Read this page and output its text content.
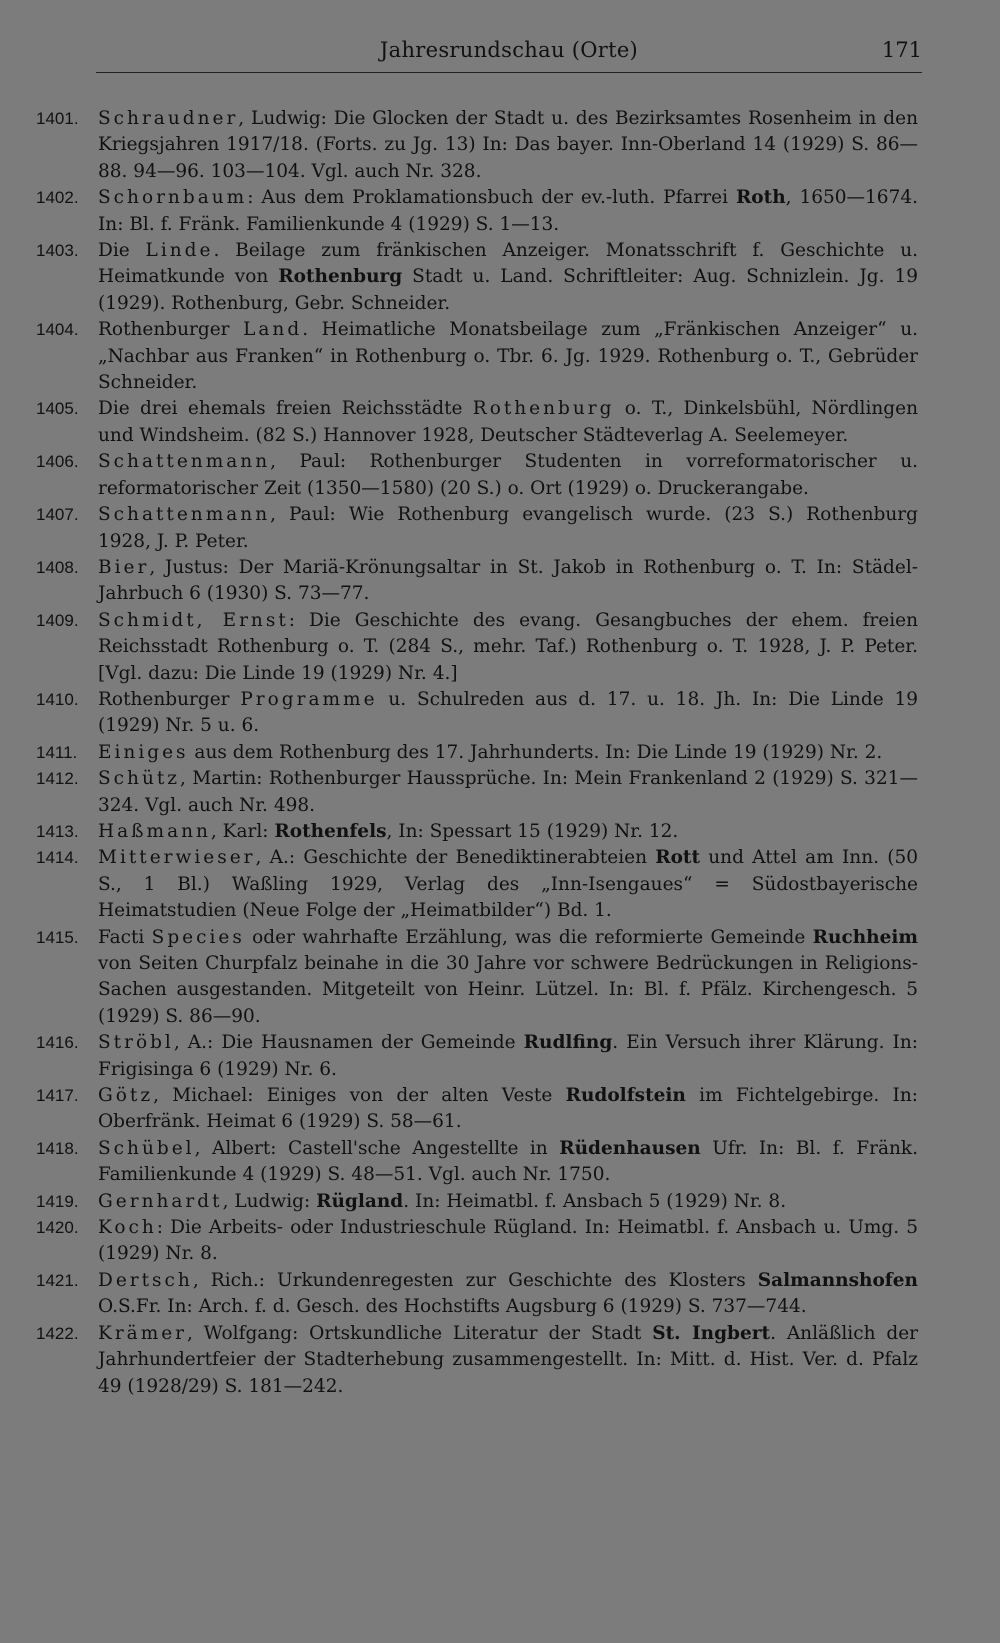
Jahresrundschau (Orte)	171

1401.	Schraudner, Ludwig: Die Glocken der Stadt u. des Bezirksamtes Rosenheim in den Kriegsjahren 1917/18. (Forts. zu Jg. 13) In: Das bayer. Inn-Oberland 14 (1929) S. 86—88. 94—96. 103—104. Vgl. auch Nr. 328.

1402.	Schornbaum: Aus dem Proklamationsbuch der ev.-luth. Pfarrei Roth, 1650—1674. In: Bl. f. Fränk. Familienkunde 4 (1929) S. 1—13.

1403.	Die Linde. Beilage zum fränkischen Anzeiger. Monatsschrift f. Geschichte u. Heimatkunde von Rothenburg Stadt u. Land. Schriftleiter: Aug. Schnizlein. Jg. 19 (1929). Rothenburg, Gebr. Schneider.

1404.	Rothenburger Land. Heimatliche Monatsbeilage zum „Fränkischen Anzeiger“ u. „Nachbar aus Franken“ in Rothenburg o. Tbr. 6. Jg. 1929. Rothenburg o. T., Gebrüder Schneider.

1405.	Die drei ehemals freien Reichsstädte Rothenburg o. T., Dinkelsbühl, Nördlingen und Windsheim. (82 S.) Hannover 1928, Deutscher Städteverlag A. Seelemeyer.

1406.	Schattenmann, Paul: Rothenburger Studenten in vorreformatorischer u. reformatorischer Zeit (1350—1580) (20 S.) o. Ort (1929) o. Druckerangabe.

1407.	Schattenmann, Paul: Wie Rothenburg evangelisch wurde. (23 S.) Rothenburg 1928, J. P. Peter.

1408.	Bier, Justus: Der Mariä-Krönungsaltar in St. Jakob in Rothenburg o. T. In: Städel-Jahrbuch 6 (1930) S. 73—77.

1409.	Schmidt, Ernst: Die Geschichte des evang. Gesangbuches der ehem. freien Reichsstadt Rothenburg o. T. (284 S., mehr. Taf.) Rothenburg o. T. 1928, J. P. Peter. [Vgl. dazu: Die Linde 19 (1929) Nr. 4.]

1410.	Rothenburger Programme u. Schulreden aus d. 17. u. 18. Jh. In: Die Linde 19 (1929) Nr. 5 u. 6.

1411.	Einiges aus dem Rothenburg des 17. Jahrhunderts. In: Die Linde 19 (1929) Nr. 2.

1412.	Schütz, Martin: Rothenburger Haussprüche. In: Mein Frankenland 2 (1929) S. 321—324. Vgl. auch Nr. 498.

1413.	Haßmann, Karl: Rothenfels, In: Spessart 15 (1929) Nr. 12.

1414.	Mitterwieser, A.: Geschichte der Benediktinerabteien Rott und Attel am Inn. (50 S., 1 Bl.) Waßling 1929, Verlag des „Inn-Isengaues“ = Südostbayerische Heimatstudien (Neue Folge der „Heimatbilder“) Bd. 1.

1415.	Facti Species oder wahrhafte Erzählung, was die reformierte Gemeinde Ruchheim von Seiten Churpfalz beinahe in die 30 Jahre vor schwere Bedrückungen in Religions-Sachen ausgestanden. Mitgeteilt von Heinr. Lützel. In: Bl. f. Pfälz. Kirchengesch. 5 (1929) S. 86—90.

1416.	Ströbl, A.: Die Hausnamen der Gemeinde Rudlfing. Ein Versuch ihrer Klärung. In: Frigisinga 6 (1929) Nr. 6.

1417.	Götz, Michael: Einiges von der alten Veste Rudolfstein im Fichtelgebirge. In: Oberfränk. Heimat 6 (1929) S. 58—61.

1418.	Schübel, Albert: Castell'sche Angestellte in Rüdenhausen Ufr. In: Bl. f. Fränk. Familienkunde 4 (1929) S. 48—51. Vgl. auch Nr. 1750.

1419.	Gernhardt, Ludwig: Rügland. In: Heimatbl. f. Ansbach 5 (1929) Nr. 8.

1420.	Koch: Die Arbeits- oder Industrieschule Rügland. In: Heimatbl. f. Ansbach u. Umg. 5 (1929) Nr. 8.

1421.	Dertsch, Rich.: Urkundenregesten zur Geschichte des Klosters Salmannshofen O.S.Fr. In: Arch. f. d. Gesch. des Hochstifts Augsburg 6 (1929) S. 737—744.

1422.	Krämer, Wolfgang: Ortskundliche Literatur der Stadt St. Ingbert. Anläßlich der Jahrhundertfeier der Stadterhebung zusammengestellt. In: Mitt. d. Hist. Ver. d. Pfalz 49 (1928/29) S. 181—242.
